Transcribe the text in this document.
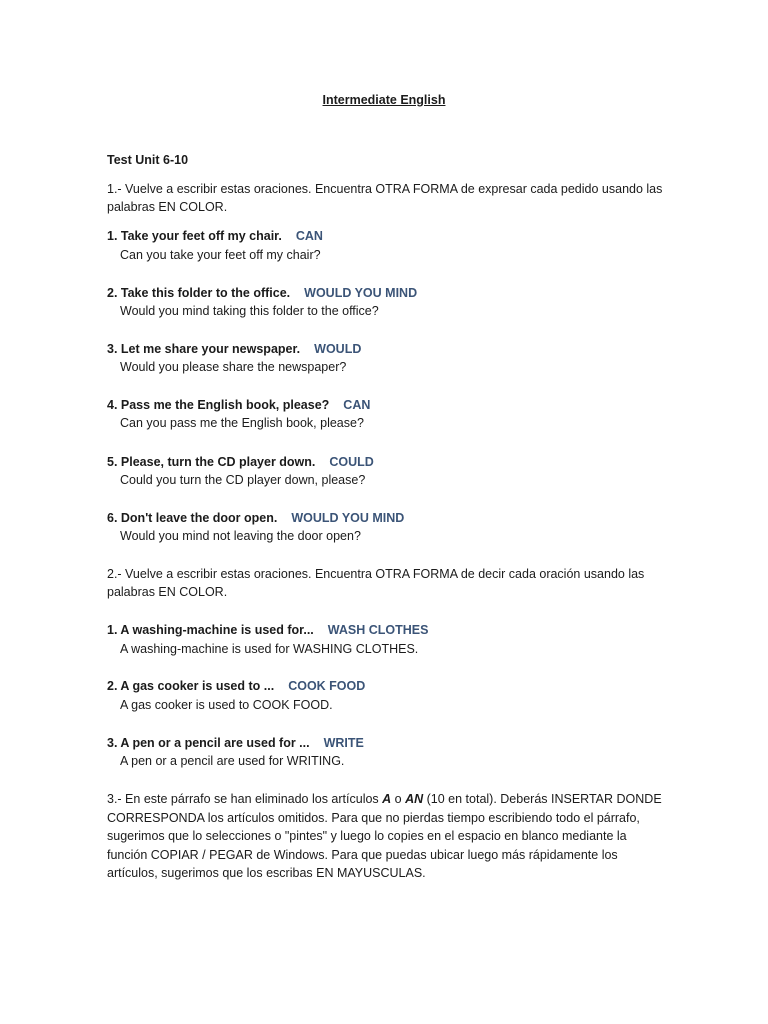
Intermediate English
Test Unit 6-10
1.- Vuelve a escribir estas oraciones. Encuentra OTRA FORMA de expresar cada pedido usando las
palabras EN COLOR.
1. Take your feet off my chair. CAN
Can you take your feet off my chair?
2. Take this folder to the office. WOULD YOU MIND
Would you mind taking this folder to the office?
3. Let me share your newspaper. WOULD
Would you please share the newspaper?
4. Pass me the English book, please? CAN
Can you pass me the English book, please?
5. Please, turn the CD player down. COULD
Could you turn the CD player down, please?
6. Don't leave the door open. WOULD YOU MIND
Would you mind not leaving the door open?
2.- Vuelve a escribir estas oraciones. Encuentra OTRA FORMA de decir cada oración usando las
palabras EN COLOR.
1. A washing-machine is used for... WASH CLOTHES
A washing-machine is used for WASHING CLOTHES.
2. A gas cooker is used to ... COOK FOOD
A gas cooker is used to COOK FOOD.
3. A pen or a pencil are used for ... WRITE
A pen or a pencil are used for WRITING.

3.- En este párrafo se han eliminado los artículos A o AN (10 en total). Deberás INSERTAR DONDE

CORRESPONDA los artículos omitidos. Para que no pierdas tiempo escribiendo todo el párrafo,

sugerimos que lo selecciones o "pintes" y luego lo copies en el espacio en blanco mediante la

función COPIAR / PEGAR de Windows. Para que puedas ubicar luego más rápidamente los

artículos, sugerimos que los escribas EN MAYUSCULAS.
